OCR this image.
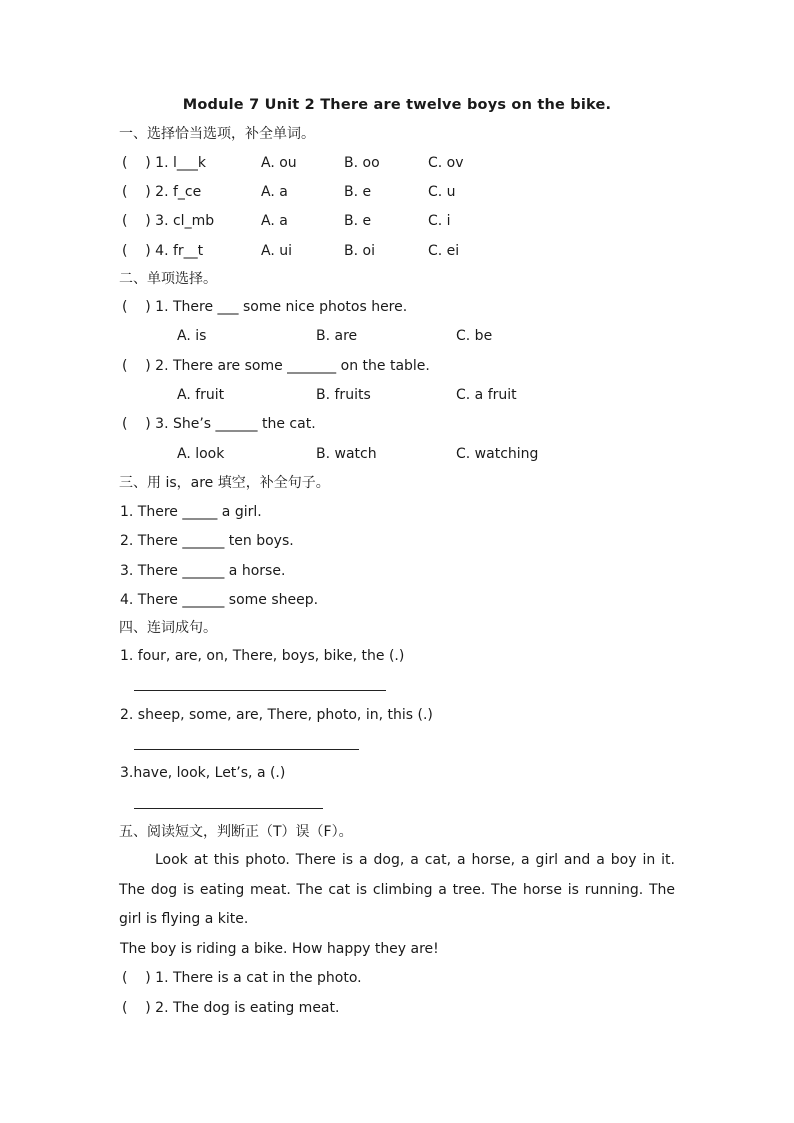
Module 7 Unit 2 There are twelve boys on the bike.
一、选择恰当选项，补全单词。
(    ) 1. l___k	A. ou	B. oo	C. ov
(    ) 2. f_ce	A. a	B. e	C. u
(    ) 3. cl_mb	A. a	B. e	C. i
(    ) 4. fr__t	A. ui	B. oi	C. ei
二、单项选择。
(    ) 1. There ___ some nice photos here.
A. is	B. are	C. be
(    ) 2. There are some _______ on the table.
A. fruit	B. fruits	C. a fruit
(    ) 3. She’s ______ the cat.
A. look	B. watch	C. watching
三、用 is，are 填空，补全句子。
1. There _____ a girl.
2. There ______ ten boys.
3. There ______ a horse.
4. There ______ some sheep.
四、连词成句。
1. four, are, on, There, boys, bike, the (.)
2. sheep, some, are, There, photo, in, this (.)
3.have, look, Let’s, a (.)
五、阅读短文，判断正（T）误（F）。
Look at this photo. There is a dog, a cat, a horse, a girl and a boy in it. The dog is eating meat. The cat is climbing a tree. The horse is running. The girl is flying a kite.
The boy is riding a bike. How happy they are!
(    ) 1. There is a cat in the photo.
(    ) 2. The dog is eating meat.
